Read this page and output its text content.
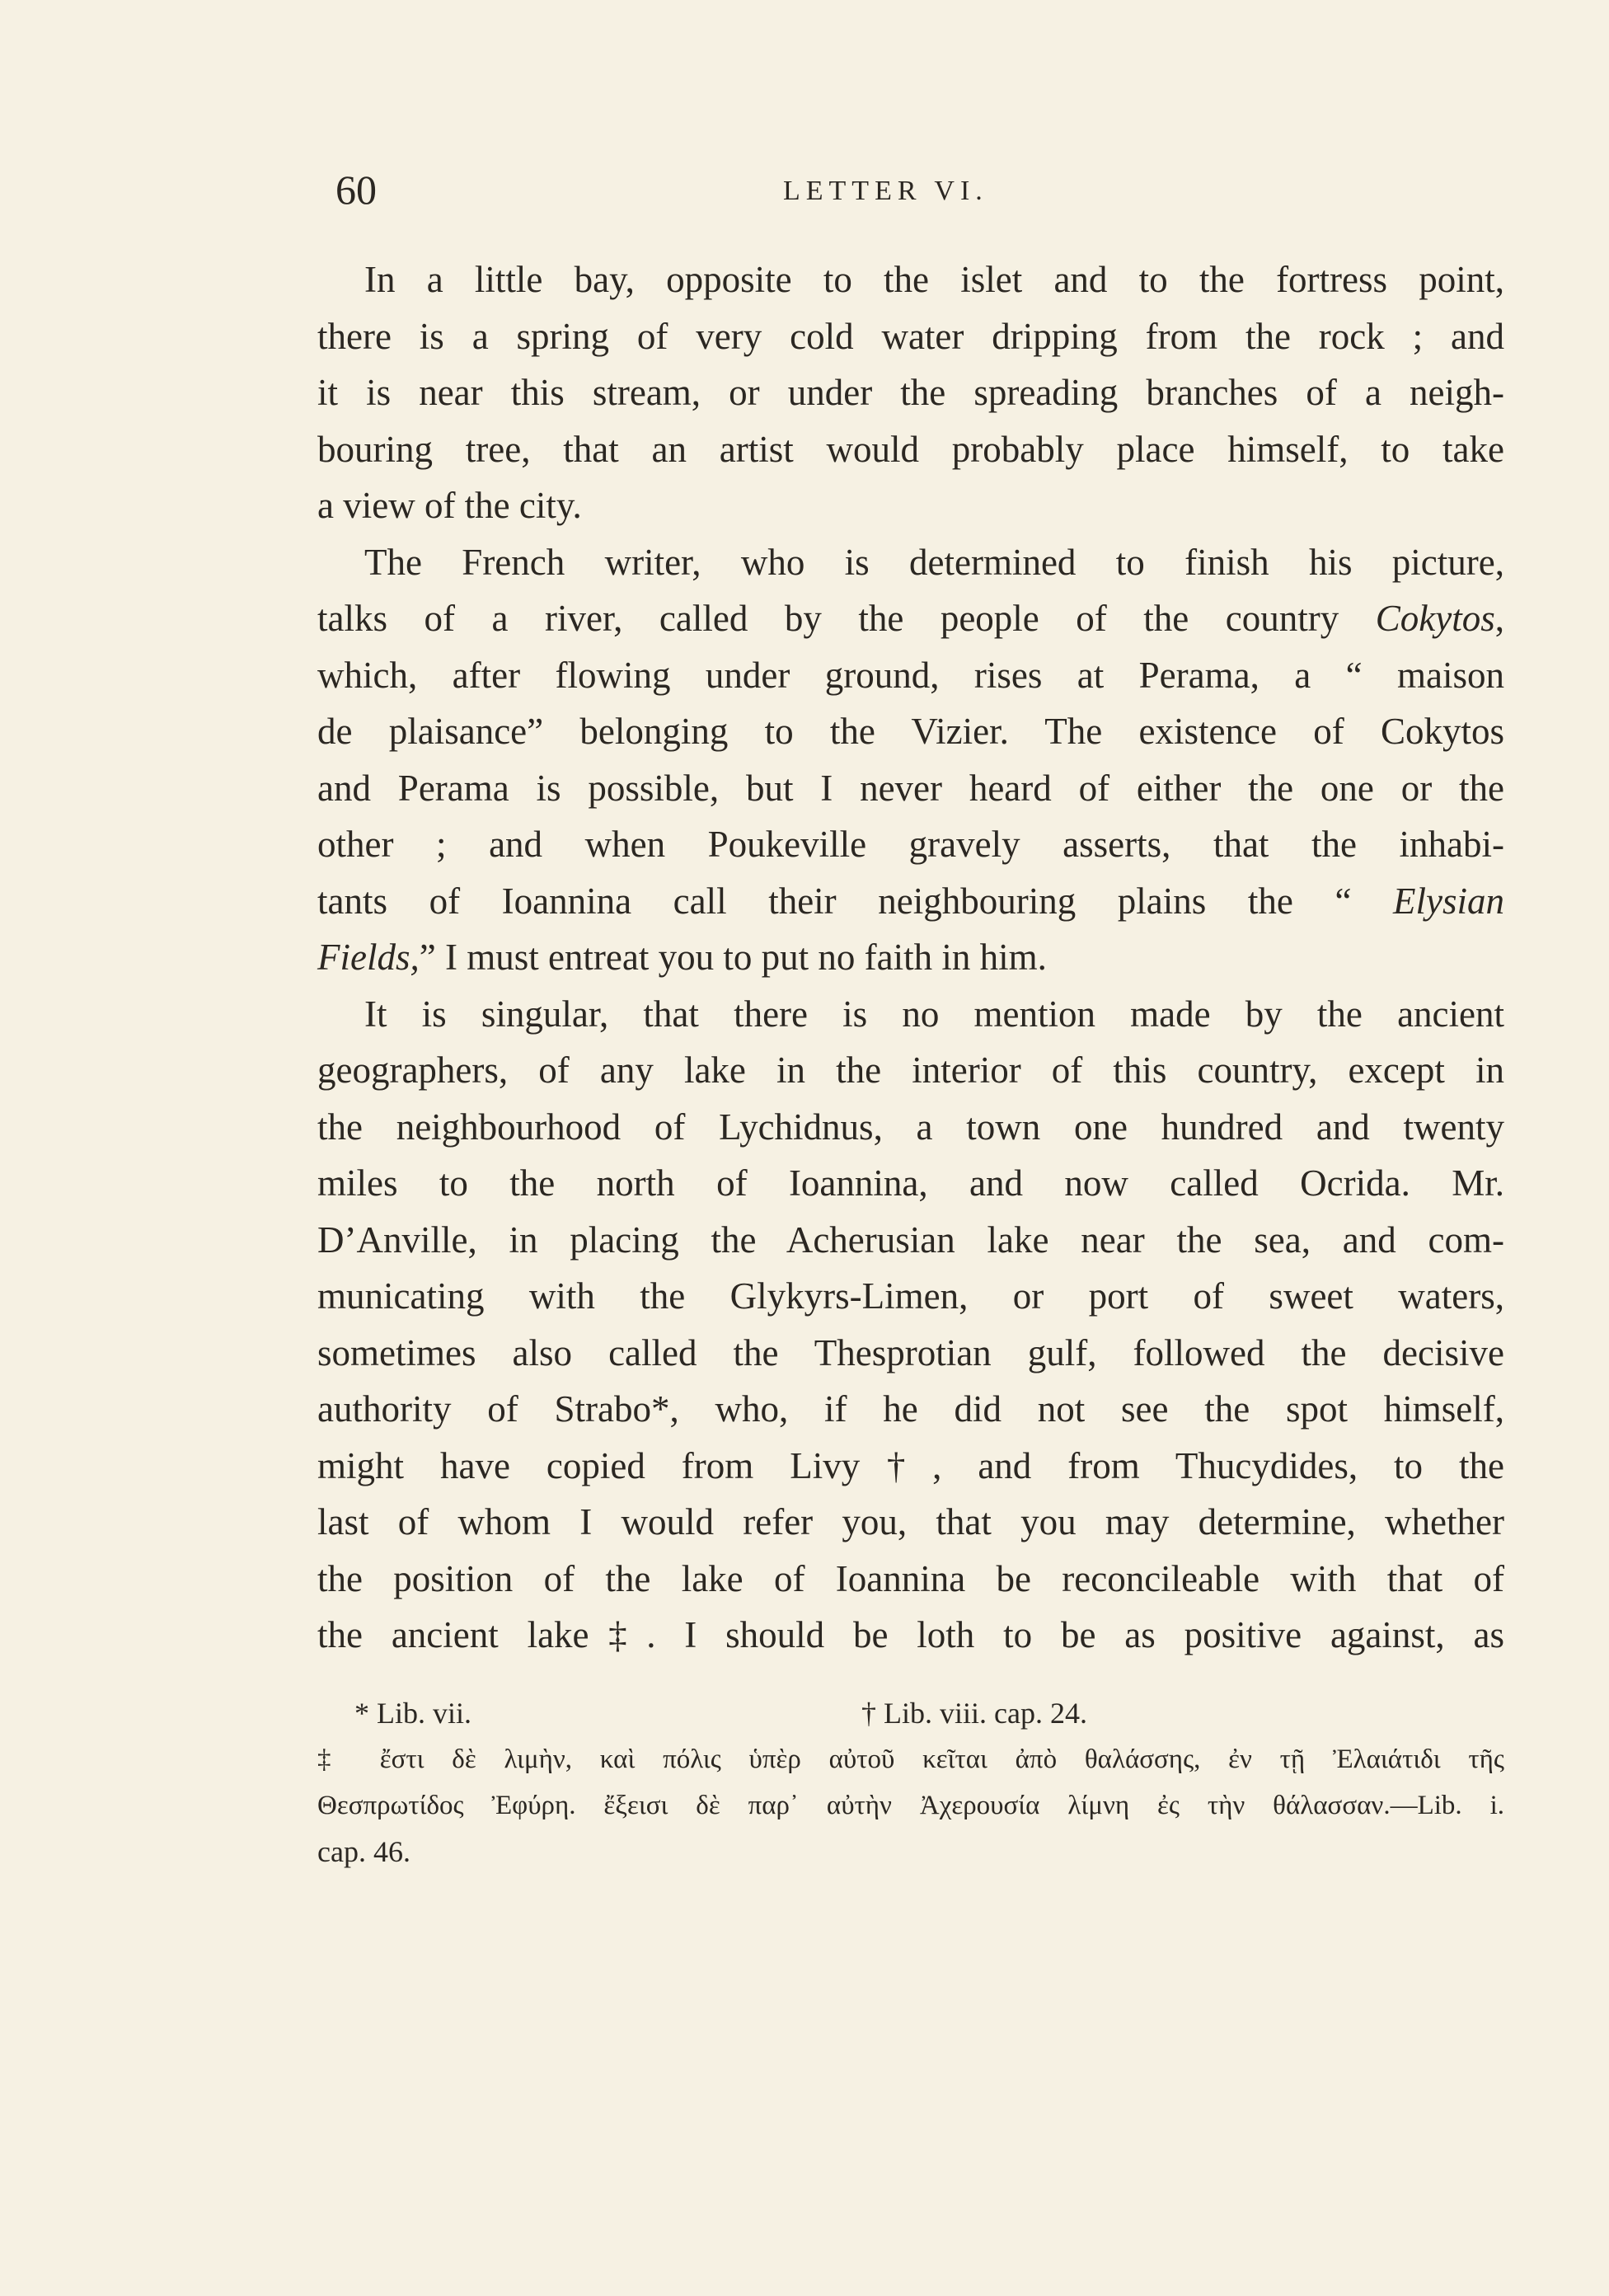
60	LETTER VI.
In a little bay, opposite to the islet and to the fortress point,
there is a spring of very cold water dripping from the rock ; and
it is near this stream, or under the spreading branches of a neigh-
bouring tree, that an artist would probably place himself, to take
a view of the city.
The French writer, who is determined to finish his picture,
talks of a river, called by the people of the country Cokytos,
which, after flowing under ground, rises at Perama, a “ maison
de plaisance” belonging to the Vizier. The existence of Cokytos
and Perama is possible, but I never heard of either the one or the
other ; and when Poukeville gravely asserts, that the inhabi-
tants of Ioannina call their neighbouring plains the “ Elysian
Fields,” I must entreat you to put no faith in him.
It is singular, that there is no mention made by the ancient
geographers, of any lake in the interior of this country, except in
the neighbourhood of Lychidnus, a town one hundred and twenty
miles to the north of Ioannina, and now called Ocrida. Mr.
D’Anville, in placing the Acherusian lake near the sea, and com-
municating with the Glykyrs-Limen, or port of sweet waters,
sometimes also called the Thesprotian gulf, followed the decisive
authority of Strabo*, who, if he did not see the spot himself,
might have copied from Livy†, and from Thucydides, to the
last of whom I would refer you, that you may determine, whether
the position of the lake of Ioannina be reconcileable with that of
the ancient lake‡. I should be loth to be as positive against, as
* Lib. vii.	† Lib. viii. cap. 24.
‡ ἔστι δὲ λιμὴν, καὶ πόλις ὑπὲρ αὐτοῦ κεῖται ἀπὸ θαλάσσης, ἐν τῇ Ἐλαιάτιδι τῆς
Θεσπρωτίδος Ἐφύρη. ἔξεισι δὲ παρ᾽ αὐτὴν Ἀχερουσία λίμνη ἐς τὴν θάλασσαν.—Lib. i.
cap. 46.
